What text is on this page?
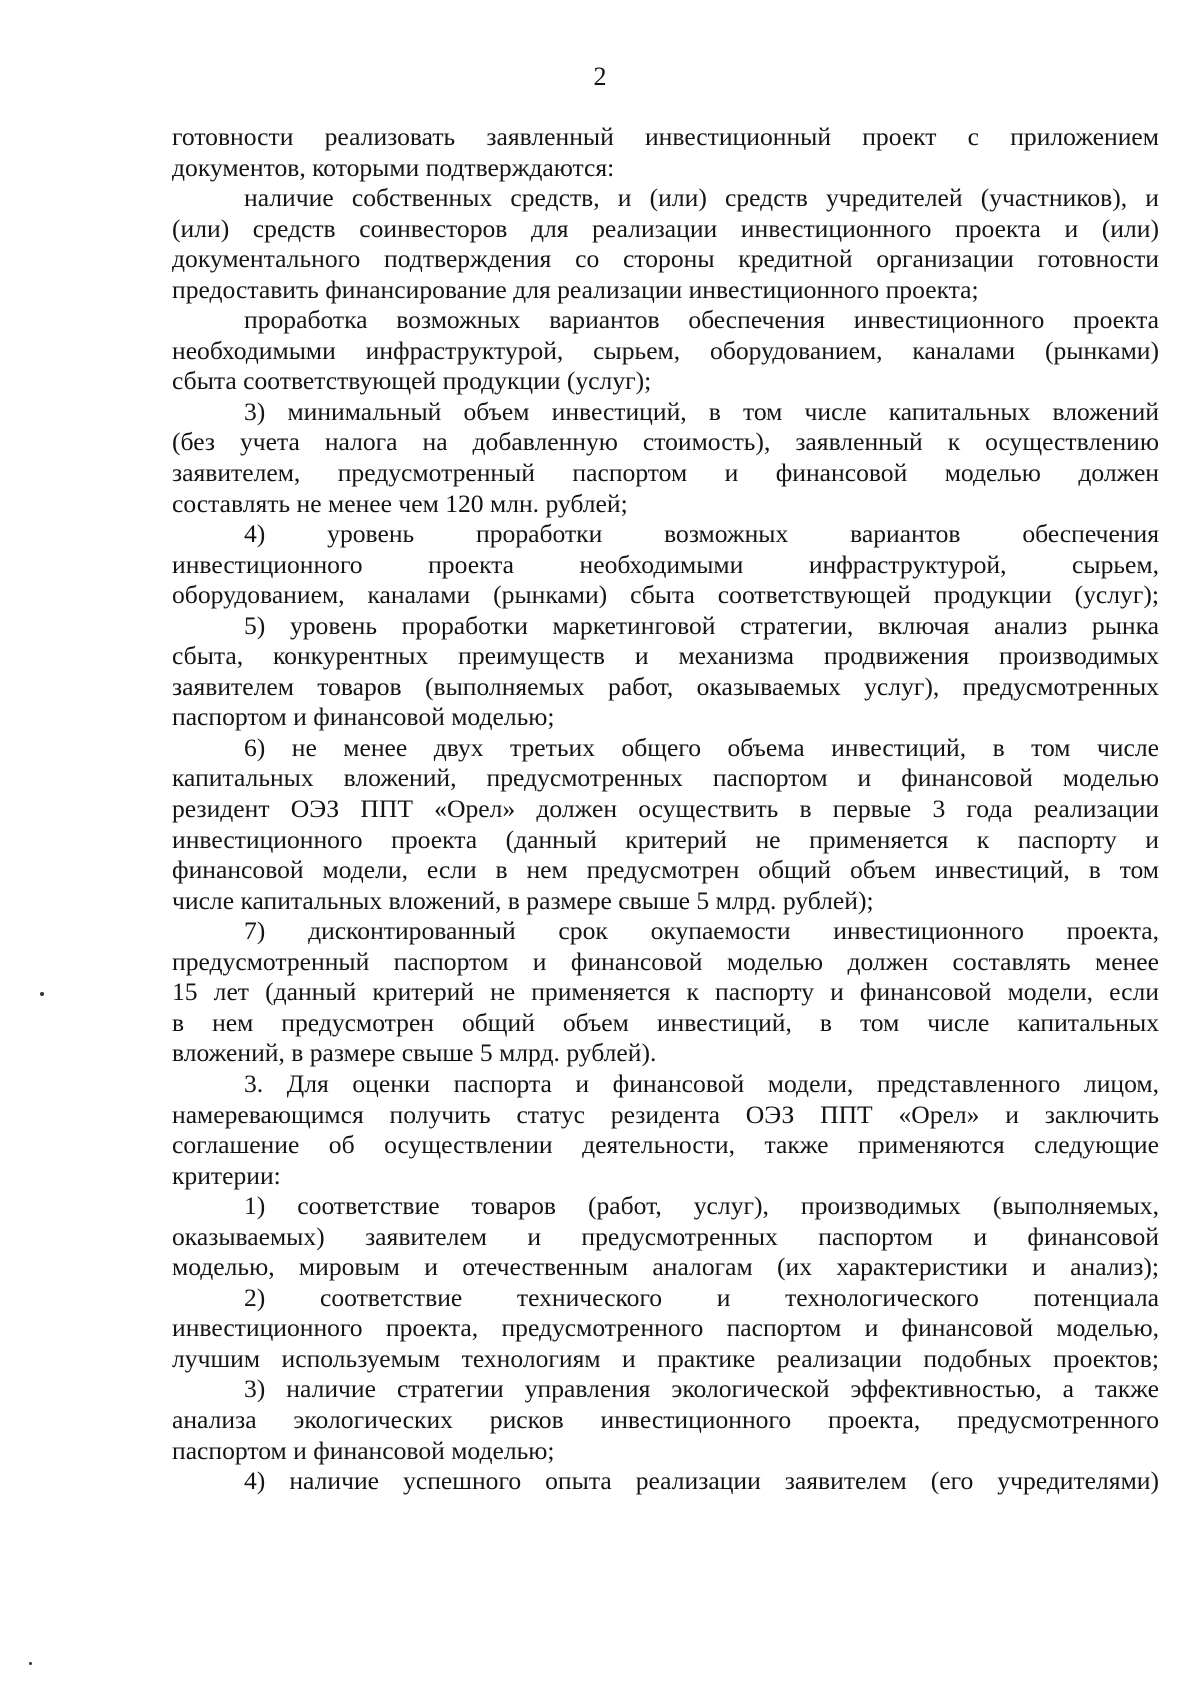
2
готовности реализовать заявленный инвестиционный проект с приложением
документов, которыми подтверждаются:
наличие собственных средств, и (или) средств учредителей (участников), и
(или) средств соинвесторов для реализации инвестиционного проекта и (или)
документального подтверждения со стороны кредитной организации готовности
предоставить финансирование для реализации инвестиционного проекта;
проработка возможных вариантов обеспечения инвестиционного проекта
необходимыми инфраструктурой, сырьем, оборудованием, каналами (рынками)
сбыта соответствующей продукции (услуг);
3) минимальный объем инвестиций, в том числе капитальных вложений
(без учета налога на добавленную стоимость), заявленный к осуществлению
заявителем, предусмотренный паспортом и финансовой моделью должен
составлять не менее чем 120 млн. рублей;
4) уровень проработки возможных вариантов обеспечения
инвестиционного проекта необходимыми инфраструктурой, сырьем,
оборудованием, каналами (рынками) сбыта соответствующей продукции (услуг);
5) уровень проработки маркетинговой стратегии, включая анализ рынка
сбыта, конкурентных преимуществ и механизма продвижения производимых
заявителем товаров (выполняемых работ, оказываемых услуг), предусмотренных
паспортом и финансовой моделью;
6) не менее двух третьих общего объема инвестиций, в том числе
капитальных вложений, предусмотренных паспортом и финансовой моделью
резидент ОЭЗ ППТ «Орел» должен осуществить в первые 3 года реализации
инвестиционного проекта (данный критерий не применяется к паспорту и
финансовой модели, если в нем предусмотрен общий объем инвестиций, в том
числе капитальных вложений, в размере свыше 5 млрд. рублей);
7) дисконтированный срок окупаемости инвестиционного проекта,
предусмотренный паспортом и финансовой моделью должен составлять менее
15 лет (данный критерий не применяется к паспорту и финансовой модели, если
в нем предусмотрен общий объем инвестиций, в том числе капитальных
вложений, в размере свыше 5 млрд. рублей).
3. Для оценки паспорта и финансовой модели, представленного лицом,
намеревающимся получить статус резидента ОЭЗ ППТ «Орел» и заключить
соглашение об осуществлении деятельности, также применяются следующие
критерии:
1) соответствие товаров (работ, услуг), производимых (выполняемых,
оказываемых) заявителем и предусмотренных паспортом и финансовой
моделью, мировым и отечественным аналогам (их характеристики и анализ);
2) соответствие технического и технологического потенциала
инвестиционного проекта, предусмотренного паспортом и финансовой моделью,
лучшим используемым технологиям и практике реализации подобных проектов;
3) наличие стратегии управления экологической эффективностью, а также
анализа экологических рисков инвестиционного проекта, предусмотренного
паспортом и финансовой моделью;
4) наличие успешного опыта реализации заявителем (его учредителями)
